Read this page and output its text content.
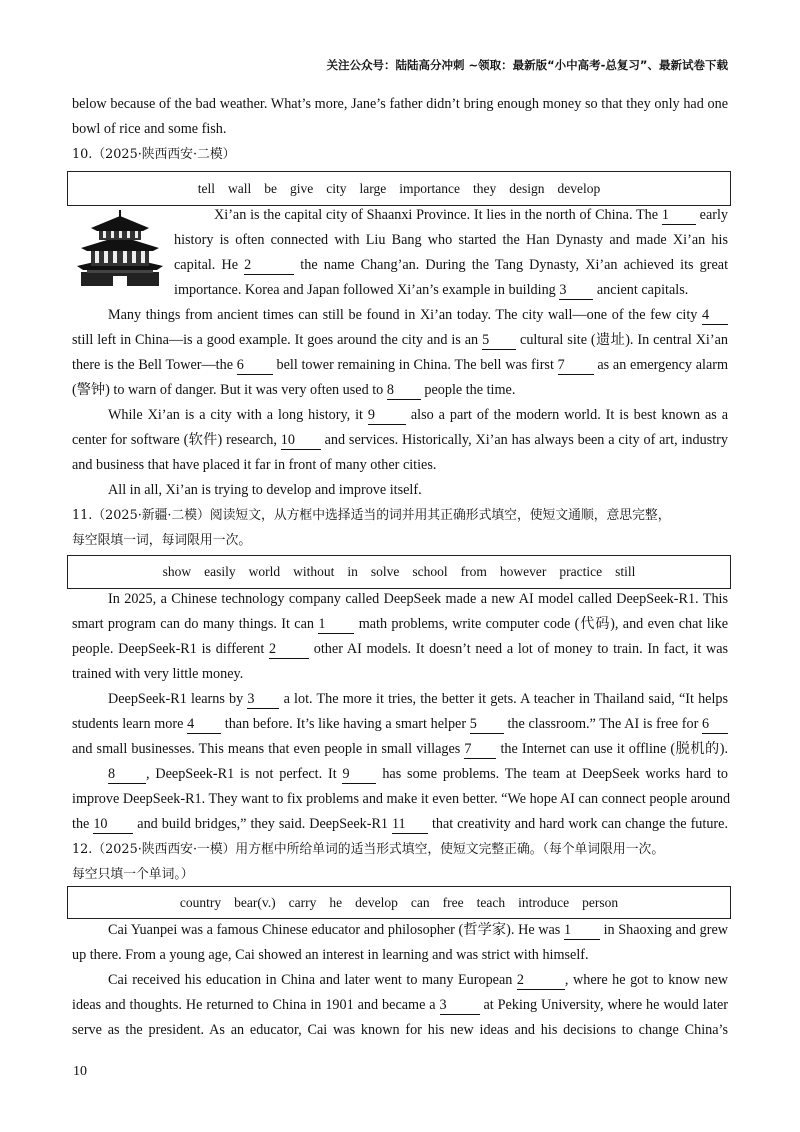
关注公众号：陆陆高分冲刺 ~领取：最新版“小中高考-总复习”、最新试卷下载
below because of the bad weather. What’s more, Jane’s father didn’t bring enough money so that they only had one
bowl of rice and some fish.
10.（2025·陕西西安·二模）
tell wall be give city large importance they design develop
Xi’an is the capital city of Shaanxi Province. It lies in the north of China. The 1 early
history is often connected with Liu Bang who started the Han Dynasty and made Xi’an his
capital. He 2	the name Chang’an. During the Tang Dynasty, Xi’an achieved its great
importance. Korea and Japan followed Xi’an’s example in building 3 ancient capitals.
Many things from ancient times can still be found in Xi’an today. The city wall—one of the few city 4
still left in China—is a good example. It goes around the city and is an 5 cultural site (遗址). In central Xi’an
there is the Bell Tower—the 6 bell tower remaining in China. The bell was first 7 as an emergency alarm
(警钟) to warn of danger. But it was very often used to 8 people the time.
While Xi’an is a city with a long history, it 9	also a part of the modern world. It is best known as a
center for software (软件) research, 10 and services. Historically, Xi’an has always been a city of art, industry
and business that have placed it far in front of many other cities.
All in all, Xi’an is trying to develop and improve itself.
11.（2025·新疆·二模）阅读短文，从方框中选择适当的词并用其正确形式填空，使短文通顺，意思完整，
每空限填一词，每词限用一次。
show easily world without in solve school from however practice still
In 2025, a Chinese technology company called DeepSeek made a new AI model called DeepSeek-R1. This
smart program can do many things. It can 1 math problems, write computer code (代码), and even chat like
people. DeepSeek-R1 is different 2	other AI models. It doesn’t need a lot of money to train. In fact, it was
trained with very little money.
DeepSeek-R1 learns by 3 a lot. The more it tries, the better it gets. A teacher in Thailand said, “It helps
students learn more 4 than before. It’s like having a smart helper 5 the classroom.” The AI is free for 6
and small businesses. This means that even people in small villages 7 the Internet can use it offline (脱机的).
8 , DeepSeek-R1 is not perfect. It 9 has some problems. The team at DeepSeek works hard to
improve DeepSeek-R1. They want to fix problems and make it even better. “We hope AI can connect people around
the 10 and build bridges,” they said. DeepSeek-R1 11 that creativity and hard work can change the future.
12.（2025·陕西西安·一模）用方框中所给单词的适当形式填空，使短文完整正确。（每个单词限用一次。
每空只填一个单词。）
country bear(v.) carry he develop can free teach introduce person
Cai Yuanpei was a famous Chinese educator and philosopher (哲学家). He was 1 in Shaoxing and grew
up there. From a young age, Cai showed an interest in learning and was strict with himself.
Cai received his education in China and later went to many European 2	, where he got to know new
ideas and thoughts. He returned to China in 1901 and became a 3	at Peking University, where he would later
serve as the president. As an educator, Cai was known for his new ideas and his decisions to change China’s
10
